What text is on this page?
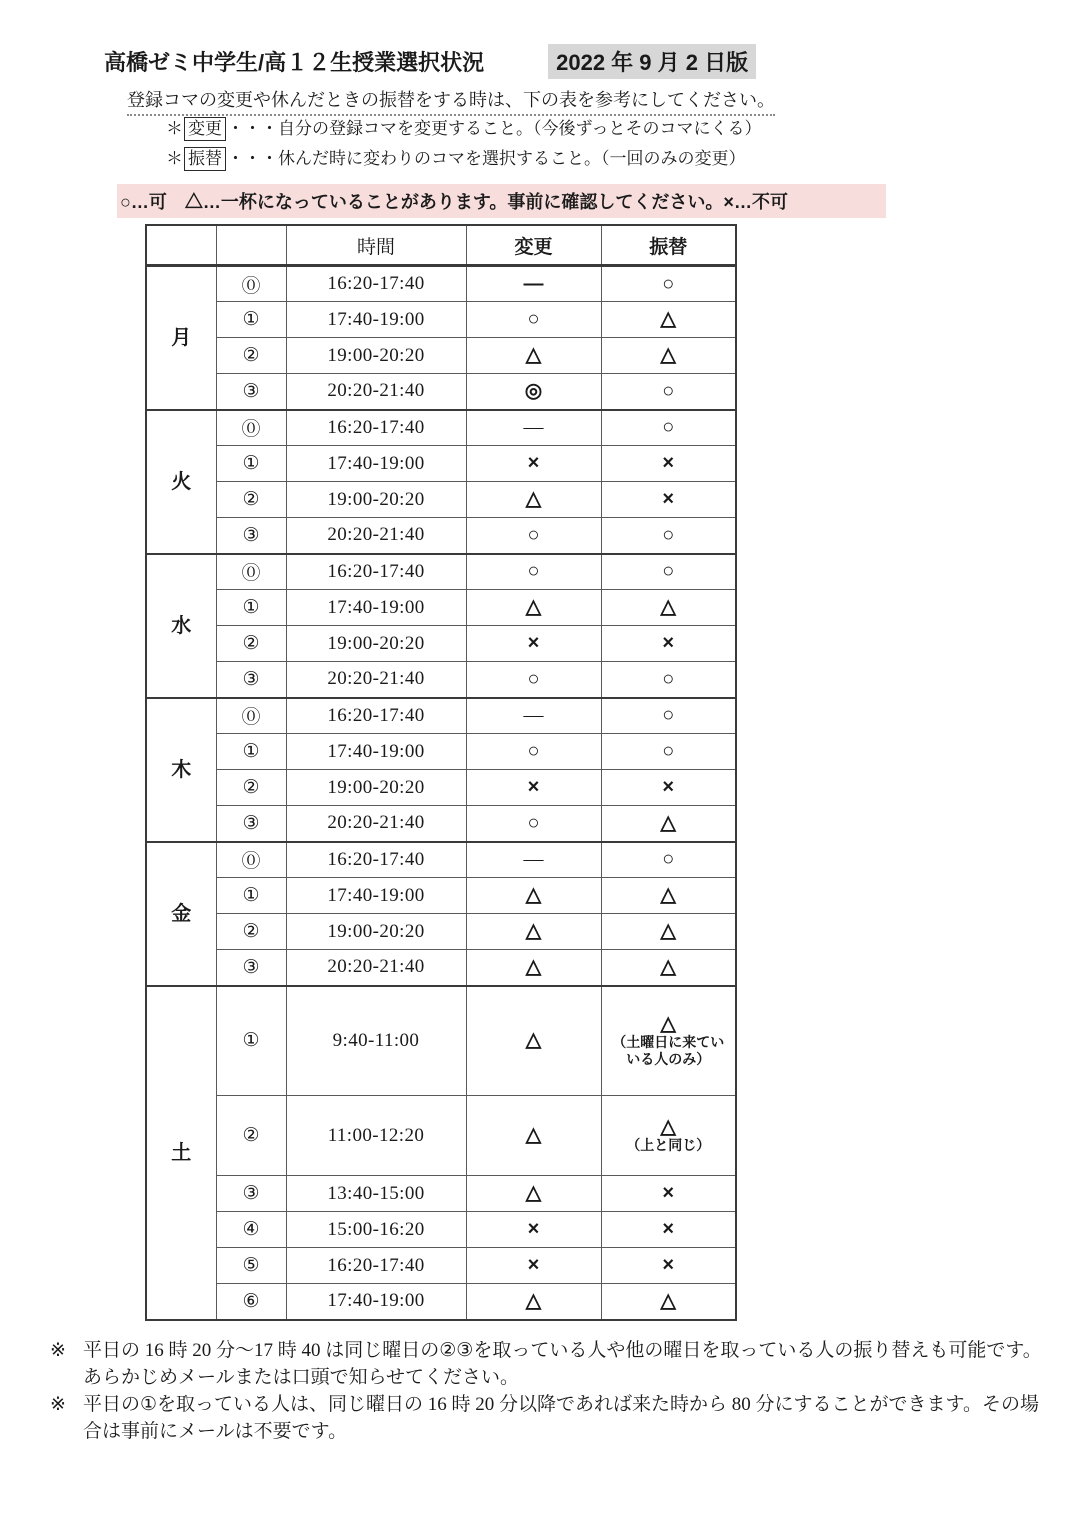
高橋ゼミ中学生/高１２生授業選択状況	2022 年 9 月 2 日版
登録コマの変更や休んだときの振替をする時は、下の表を参考にしてください。
＊ 変更 ・・・自分の登録コマを変更すること。（今後ずっとそのコマにくる）
＊ 振替 ・・・休んだ時に変わりのコマを選択すること。（一回のみの変更）
○…可　△…一杯になっていることがあります。事前に確認してください。×…不可
		時間	変更	振替
月	⓪	16:20-17:40	—	○
	①	17:40-19:00	○	△
	②	19:00-20:20	△	△
	③	20:20-21:40	◎	○
火	⓪	16:20-17:40	—	○
	①	17:40-19:00	×	×
	②	19:00-20:20	△	×
	③	20:20-21:40	○	○
水	⓪	16:20-17:40	○	○
	①	17:40-19:00	△	△
	②	19:00-20:20	×	×
	③	20:20-21:40	○	○
木	⓪	16:20-17:40	—	○
	①	17:40-19:00	○	○
	②	19:00-20:20	×	×
	③	20:20-21:40	○	△
金	⓪	16:20-17:40	—	○
	①	17:40-19:00	△	△
	②	19:00-20:20	△	△
	③	20:20-21:40	△	△
土	①	9:40-11:00	△	△
（土曜日に来てい
いる人のみ）

	②	11:00-12:20	△	△
（上と同じ）

	③	13:40-15:00	△	×
	④	15:00-16:20	×	×
	⑤	16:20-17:40	×	×
	⑥	17:40-19:00	△	△
※ 平日の 16 時 20 分～17 時 40 は同じ曜日の②③を取っている人や他の曜日を取っている人の振り替えも可能です。あらかじめメールまたは口頭で知らせてください。
※ 平日の①を取っている人は、同じ曜日の 16 時 20 分以降であれば来た時から 80 分にすることができます。その場合は事前にメールは不要です。
